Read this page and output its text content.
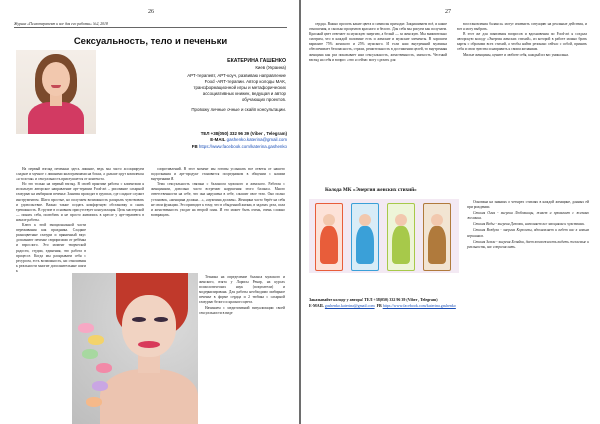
26
Журнал «Психотерапевт и все для его работы» №2, 2018
Сексуальность, тело и печеньки
ЕКАТЕРИНА ГАШЕНКО
Киев (Украина)
АРТ-терапевт, АРТ-коуч, развиваю направление
Food -ART-терапии. Автор колоды МАК,
трансформационной игры и метафорических
ассоциативных книжек, ведущая и автор
обучающих проектов.
Провожу личные очные и скайп консультации.
ТЕЛ +38(050) 332 96 39 (Viber , Telegram)
E-MAIL gashenko.katerina@gmail.com
FB https://www.facebook.com/katerina.gashenko

На первый взгляд печеньки здесь лишние, ведь мы часто ассоциируем сладкое и мучное с лишними килограммами на боках, а дальше идут комплексы «я толстая» и сексуальность приглушается от контекста.

Но это только на первый взгляд. В своей практике работы с клиентами я использую авторское направление арт-терапии Food-art – рисование сахарной глазурью на имбирном печенье. Занятия проходят в группах, где сладкое служит инструментом. Шаги простые, но получаем возможность раскрыть чувствовать и удовольствие. Важно также создать комфортную обстановку и снять тревожность. В группе в основном присутствует консультация. Цель мастерской — понять себя, полюбить и не просто живопись в кресле у арт-терапевта в начале работы.

Ключ к этой эмоциональной части переживания как праздника. Сладкие разноцветные глазури и пряничный вкус дополняют печенье сюрпризами от ребёнка и взрослого. Это момент творческой радости, студии, единения, что работа в процессе. Когда мы раскрываем себя с ресурсом, есть возможность, ни отношения к реальности многие дополнительные шаги к

сопротивлений. В этот момент мы готовы услышать все ответы от нашего подсознания и арт-продукт становится посредником в общении с нашим внутренним Я.

Тема сексуальность связана с балансом мужского и женского. Работая с женщинами, довольно часто встречаю нарушения этого баланса. Много ответственности на себе, что она нарушена в себе, слышит свое тело. Оно полно установок, «женщина должна…», «мужчина должен». Женщина часто берёт на себя не свои функции. Это приводит к тому, что в обыденной жизни, в задачах дела, сила и женственность уходят на второй план. И это может быть очень, очень сложно возвращать.

Техника на определение баланса мужского и женского, взята у Ларисы Ренар, на курсах психологических наук (покупатели) и модернизирована. Для работы необходимо имбирное печенье в форме сердца и 2 тюбика с сахарной глазурью белого и красного цвета.

Начинаем с медитативной визуализации своей сексуальности в виде

27

сердца. Важно просить какие цвета и символы приходят. Закрашиваем всё, и какие отношения, и сколько процентов красного и белого. Для себя мы рисуем как получаем. Красный цвет отвечает за мужскую энергию, а белый — за женскую. Мы внимательно смотрим, что в каждой половине есть и женские и мужские элементы. В хорошем варианте 75% женского и 25% мужского. И если наш внутренний мужчина обеспечивает безопасность, страхи, решительность в достижении целей, то внутренняя женщина как раз показывает нам сексуальность, женственность, мягкость. Честный взгляд на себя и вопрос «что я сейчас могу сделать для

восстановления баланса» могут изменить ситуацию на реальные действия, и вот я могу выбрать.

В этот же для появления вопросов и вдохновения по Food-art я создала авторскую колоду «Энергия женских стихий», из которой в работе можно брать карты с образами всех стихий, а чтобы найти резонанс сейчас с собой, принять себя и свои чувства и направить к своим желаниям.

Милые женщины, цените и любите себя, каждый из вас уникальна.

Колода МК «Энергия женских стихий»

Основана на знаниях о четырех стихиях в каждой женщине, данных ей при рождении.

Стихия Огня - энергия Любовницы, живет и проявляет с жизнью желания.

Стихия Воды - энергия Девочки, наполняет все эмоциями и чувствами.

Стихия Воздуха - энергия Королевы, вдохновляет и ведет вас к новым вершинам.

Стихия Земли - энергия Хозяйки, дает возможность видеть желаемые и реальность, вас сопричислить.

Заказывайте колоду у автора! ТЕЛ +38(050) 332 96 39 (Viber , Telegram)
E-MAIL gashenko.katerina@gmail.com FB https://www.facebook.com/katerina.gashenko
